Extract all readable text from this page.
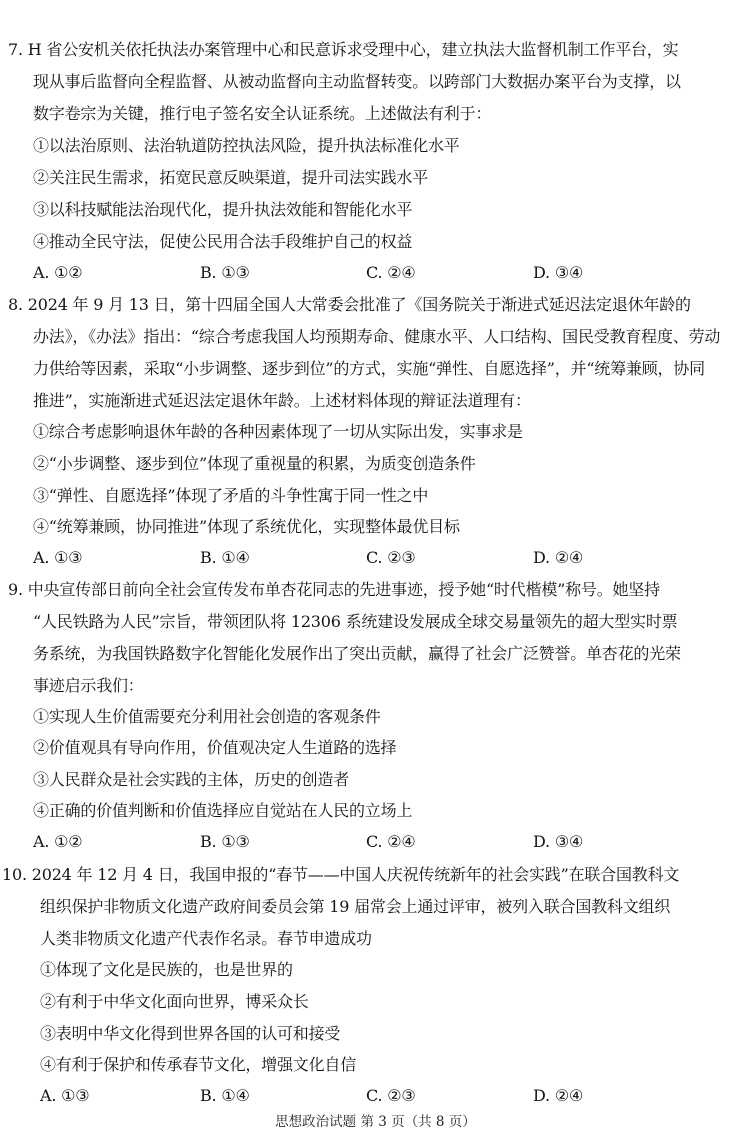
7. H 省公安机关依托执法办案管理中心和民意诉求受理中心，建立执法大监督机制工作平台，实
现从事后监督向全程监督、从被动监督向主动监督转变。以跨部门大数据办案平台为支撑，以
数字卷宗为关键，推行电子签名安全认证系统。上述做法有利于：
①以法治原则、法治轨道防控执法风险，提升执法标准化水平
②关注民生需求，拓宽民意反映渠道，提升司法实践水平
③以科技赋能法治现代化，提升执法效能和智能化水平
④推动全民守法，促使公民用合法手段维护自己的权益
A. ①②	B. ①③	C. ②④	D. ③④
8. 2024 年 9 月 13 日，第十四届全国人大常委会批准了《国务院关于渐进式延迟法定退休年龄的
办法》，《办法》指出：“综合考虑我国人均预期寿命、健康水平、人口结构、国民受教育程度、劳动
力供给等因素，采取“小步调整、逐步到位”的方式，实施“弹性、自愿选择”，并“统筹兼顾，协同
推进”，实施渐进式延迟法定退休年龄。上述材料体现的辩证法道理有：
①综合考虑影响退休年龄的各种因素体现了一切从实际出发，实事求是
②“小步调整、逐步到位”体现了重视量的积累，为质变创造条件
③“弹性、自愿选择”体现了矛盾的斗争性寓于同一性之中
④“统筹兼顾，协同推进”体现了系统优化，实现整体最优目标
A. ①③	B. ①④	C. ②③	D. ②④
9. 中央宣传部日前向全社会宣传发布单杏花同志的先进事迹，授予她“时代楷模”称号。她坚持
“人民铁路为人民”宗旨，带领团队将 12306 系统建设发展成全球交易量领先的超大型实时票
务系统，为我国铁路数字化智能化发展作出了突出贡献，赢得了社会广泛赞誉。单杏花的光荣
事迹启示我们：
①实现人生价值需要充分利用社会创造的客观条件
②价值观具有导向作用，价值观决定人生道路的选择
③人民群众是社会实践的主体，历史的创造者
④正确的价值判断和价值选择应自觉站在人民的立场上
A. ①②	B. ①③	C. ②④	D. ③④
10. 2024 年 12 月 4 日，我国申报的“春节——中国人庆祝传统新年的社会实践”在联合国教科文
组织保护非物质文化遗产政府间委员会第 19 届常会上通过评审，被列入联合国教科文组织
人类非物质文化遗产代表作名录。春节申遗成功
①体现了文化是民族的，也是世界的
②有利于中华文化面向世界，博采众长
③表明中华文化得到世界各国的认可和接受
④有利于保护和传承春节文化，增强文化自信
A. ①③	B. ①④	C. ②③	D. ②④
思想政治试题 第 3 页（共 8 页）
